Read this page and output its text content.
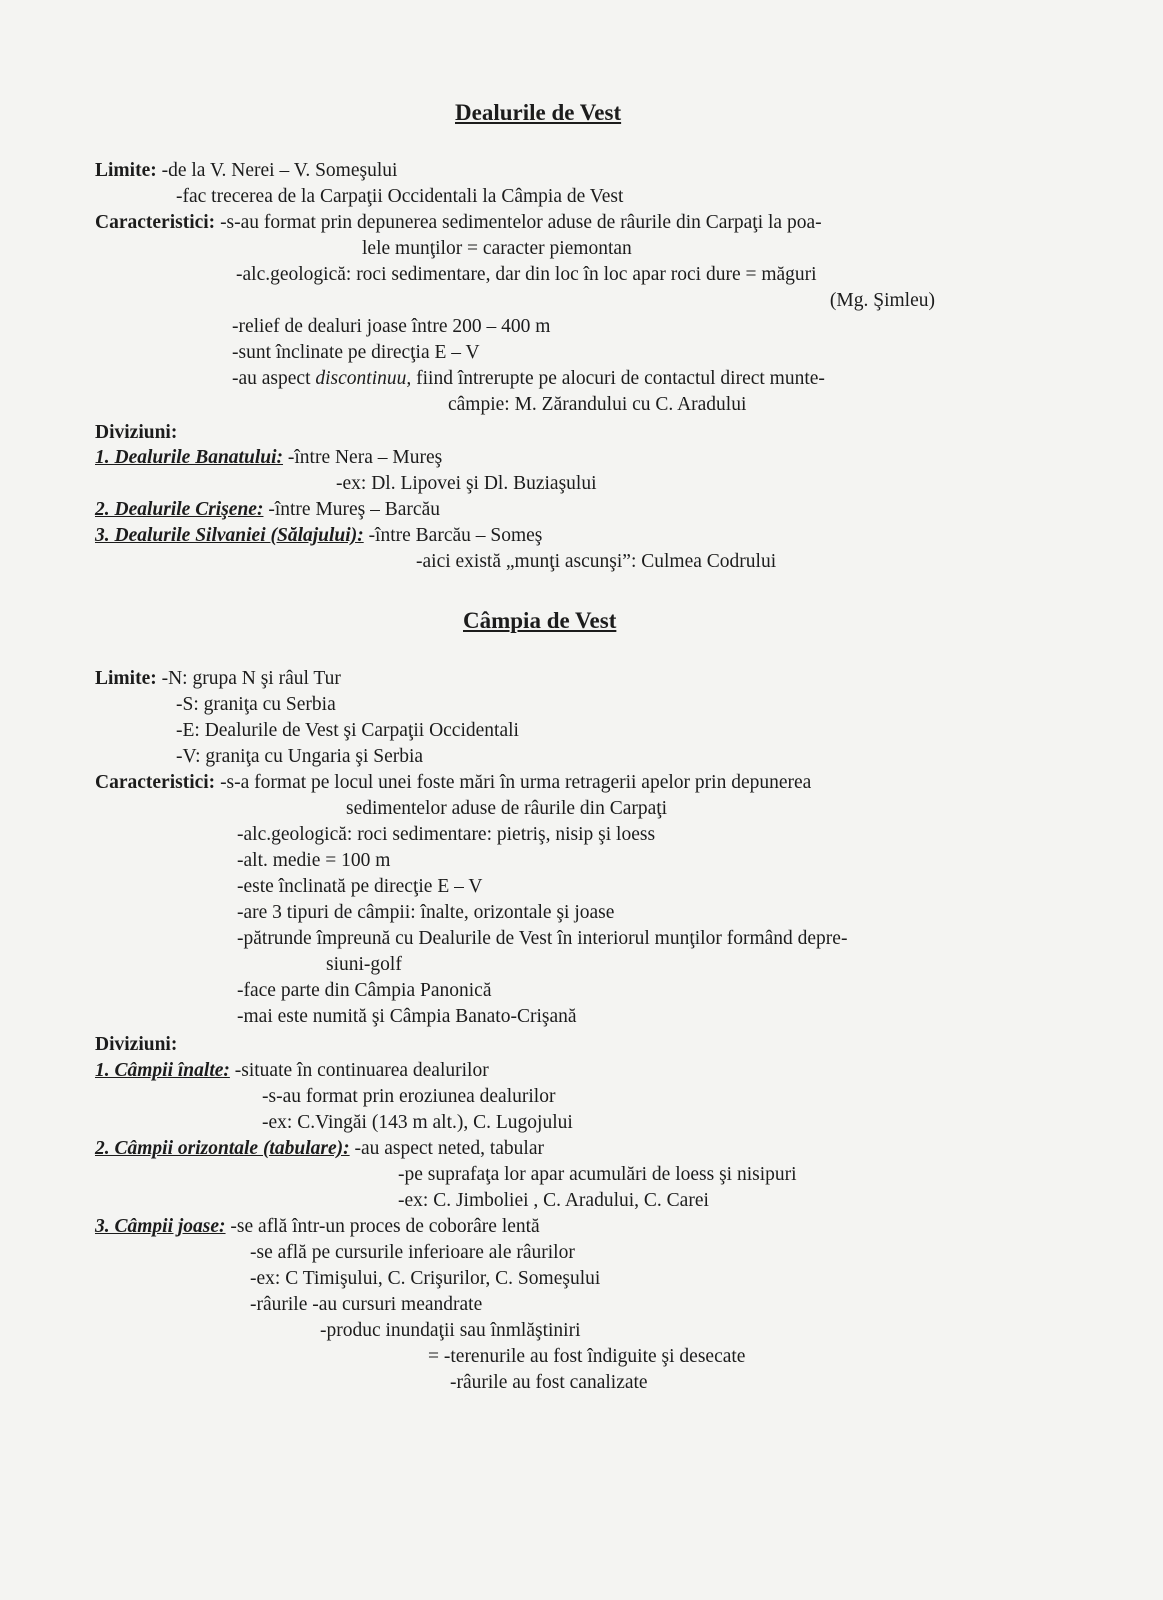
Dealurile de Vest
Limite: -de la V. Nerei – V. Someşului
-fac trecerea de la Carpaţii Occidentali la Câmpia de Vest
Caracteristici: -s-au format prin depunerea sedimentelor aduse de râurile din Carpaţi la poa-
lele munţilor = caracter piemontan
-alc.geologică: roci sedimentare, dar din loc în loc apar roci dure = măguri
(Mg. Şimleu)
-relief de dealuri joase între 200 – 400 m
-sunt înclinate pe direcţia E – V
-au aspect discontinuu, fiind întrerupte pe alocuri de contactul direct munte-
câmpie: M. Zărandului cu C. Aradului
Diviziuni:
1. Dealurile Banatului: -între Nera – Mureş
-ex: Dl. Lipovei şi Dl. Buziaşului
2. Dealurile Crişene: -între Mureş – Barcău
3. Dealurile Silvaniei (Sălajului): -între Barcău – Someş
-aici există „munţi ascunşi”: Culmea Codrului
Câmpia de Vest
Limite: -N: grupa N şi râul Tur
-S: graniţa cu Serbia
-E: Dealurile de Vest şi Carpaţii Occidentali
-V: graniţa cu Ungaria şi Serbia
Caracteristici: -s-a format pe locul unei foste mări în urma retragerii apelor prin depunerea
sedimentelor aduse de râurile din Carpaţi
-alc.geologică: roci sedimentare: pietriş, nisip şi loess
-alt. medie = 100 m
-este înclinată pe direcţie E – V
-are 3 tipuri de câmpii: înalte, orizontale şi joase
-pătrunde împreună cu Dealurile de Vest în interiorul munţilor formând depre-
siuni-golf
-face parte din Câmpia Panonică
-mai este numită şi Câmpia Banato-Crişană
Diviziuni:
1. Câmpii înalte: -situate în continuarea dealurilor
-s-au format prin eroziunea dealurilor
-ex: C.Vingăi (143 m alt.), C. Lugojului
2. Câmpii orizontale (tabulare): -au aspect neted, tabular
-pe suprafaţa lor apar acumulări de loess şi nisipuri
-ex: C. Jimboliei , C. Aradului, C. Carei
3. Câmpii joase: -se află într-un proces de coborâre lentă
-se află pe cursurile inferioare ale râurilor
-ex: C Timişului, C. Crişurilor, C. Someşului
-râurile -au cursuri meandrate
-produc inundaţii sau înmlăştiniri
= -terenurile au fost îndiguite şi desecate
-râurile au fost canalizate
